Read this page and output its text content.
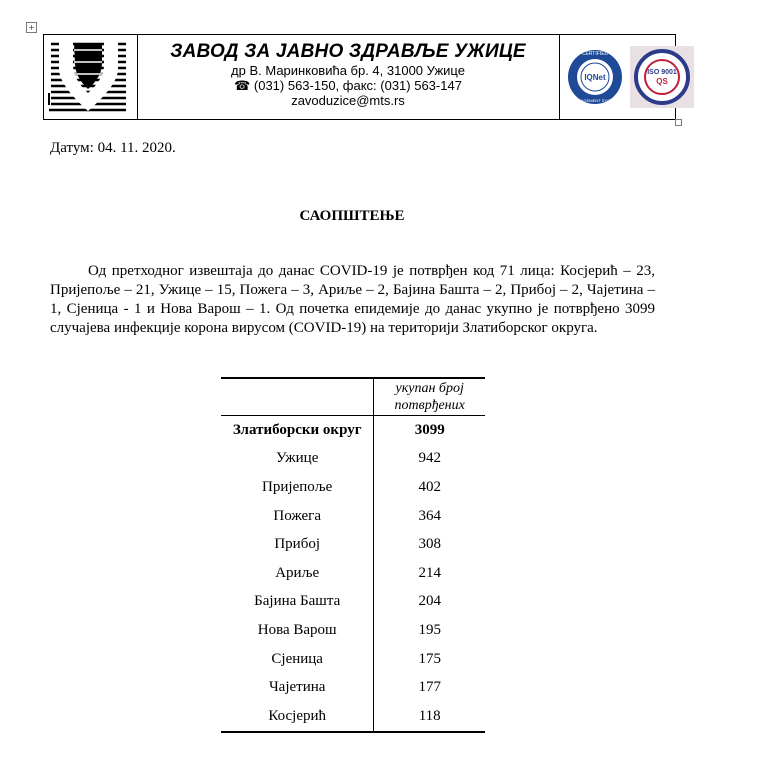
+
ЗАВОД ЗА ЈАВНО ЗДРАВЉЕ УЖИЦЕ
др В. Маринковића бр. 4, 31000 Ужице
☎ (031) 563-150, факс: (031) 563-147
zavoduzice@mts.rs
IQNet
CERTIFIED
MANAGEMENT SYSTEM
ISO 9001
QS
Датум: 04. 11. 2020.
САОПШТЕЊЕ
Од претходног извештаја до данас COVID-19 је потврђен код 71 лица: Косјерић – 23, Пријепоље – 21, Ужице – 15, Пожега – 3, Ариље – 2, Бајина Башта – 2, Прибој – 2, Чајетина – 1, Сјеница - 1 и Нова Варош – 1. Од почетка епидемије до данас укупно је потврђено 3099 случајева инфекције корона вирусом (COVID-19) на територији Златиборског округа.
	укупан број
потврђених
Златиборски округ	3099
Ужице	942
Пријепоље	402
Пожега	364
Прибој	308
Ариље	214
Бајина Башта	204
Нова Варош	195
Сјеница	175
Чајетина	177
Косјерић	118
